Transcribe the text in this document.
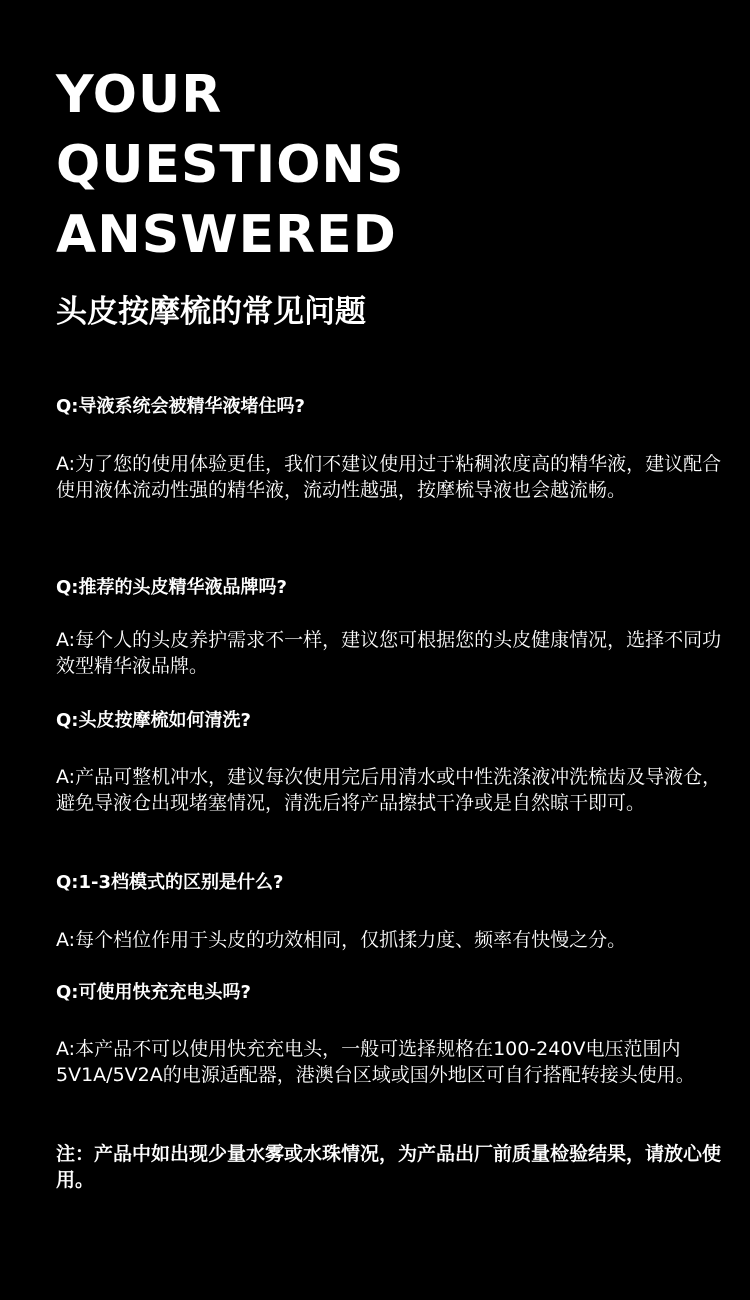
YOUR
QUESTIONS
ANSWERED
头皮按摩梳的常见问题

Q:导液系统会被精华液堵住吗?

A:为了您的使用体验更佳，我们不建议使用过于粘稠浓度高的精华液，建议配合使用液体流动性强的精华液，流动性越强，按摩梳导液也会越流畅。

Q:推荐的头皮精华液品牌吗?

A:每个人的头皮养护需求不一样，建议您可根据您的头皮健康情况，选择不同功效型精华液品牌。

Q:头皮按摩梳如何清洗?

A:产品可整机冲水，建议每次使用完后用清水或中性洗涤液冲洗梳齿及导液仓，避免导液仓出现堵塞情况，清洗后将产品擦拭干净或是自然晾干即可。

Q:1-3档模式的区别是什么?

A:每个档位作用于头皮的功效相同，仅抓揉力度、频率有快慢之分。

Q:可使用快充充电头吗?

A:本产品不可以使用快充充电头，一般可选择规格在100-240V电压范围内5V1A/5V2A的电源适配器，港澳台区域或国外地区可自行搭配转接头使用。

注：产品中如出现少量水雾或水珠情况，为产品出厂前质量检验结果，请放心使用。
